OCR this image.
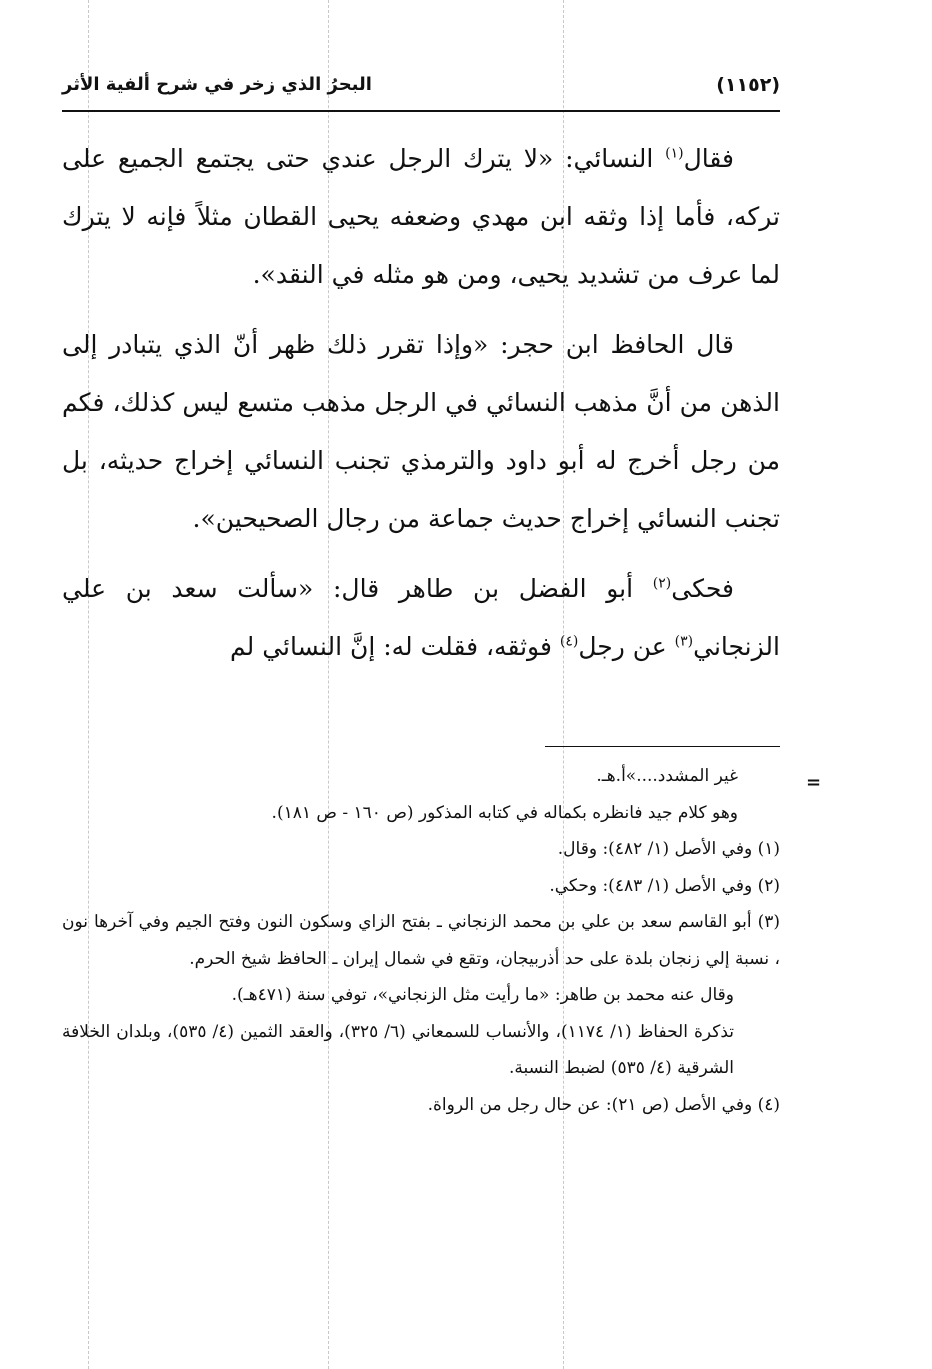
(١١٥٢)
البحرُ الذي زخر في شرح ألفية الأثر

فقال$^{(١)}$ النسائي: «لا يترك الرجل عندي حتى يجتمع الجميع على تركه، فأما إذا وثقه ابن مهدي وضعفه يحيى القطان مثلاً فإنه لا يترك لما عرف من تشديد يحيى، ومن هو مثله في النقد».

قال الحافظ ابن حجر: «وإذا تقرر ذلك ظهر أنّ الذي يتبادر إلى الذهن من أنَّ مذهب النسائي في الرجل مذهب متسع ليس كذلك، فكم من رجل أخرج له أبو داود والترمذي تجنب النسائي إخراج حديثه، بل تجنب النسائي إخراج حديث جماعة من رجال الصحيحين».

فحكى$^{(٢)}$ أبو الفضل بن طاهر قال: «سألت سعد بن علي الزنجاني$^{(٣)}$ عن رجل$^{(٤)}$ فوثقه، فقلت له: إنَّ النسائي لم

=

غير المشدد....»أ.هـ.

وهو كلام جيد فانظره بكماله في كتابه المذكور (ص ١٦٠ - ص ١٨١).

(١) وفي الأصل (١/ ٤٨٢): وقال.

(٢) وفي الأصل (١/ ٤٨٣): وحكي.

(٣) أبو القاسم سعد بن علي بن محمد الزنجاني ـ بفتح الزاي وسكون النون وفتح الجيم وفي آخرها نون ، نسبة إلي زنجان بلدة على حد أذربيجان، وتقع في شمال إيران ـ الحافظ شيخ الحرم.

وقال عنه محمد بن طاهر: «ما رأيت مثل الزنجاني»، توفي سنة (٤٧١هـ).

تذكرة الحفاظ (١/ ١١٧٤)، والأنساب للسمعاني (٦/ ٣٢٥)، والعقد الثمين (٤/ ٥٣٥)، وبلدان الخلافة الشرقية (٤/ ٥٣٥) لضبط النسبة.

(٤) وفي الأصل (ص ٢١): عن حال رجل من الرواة.
